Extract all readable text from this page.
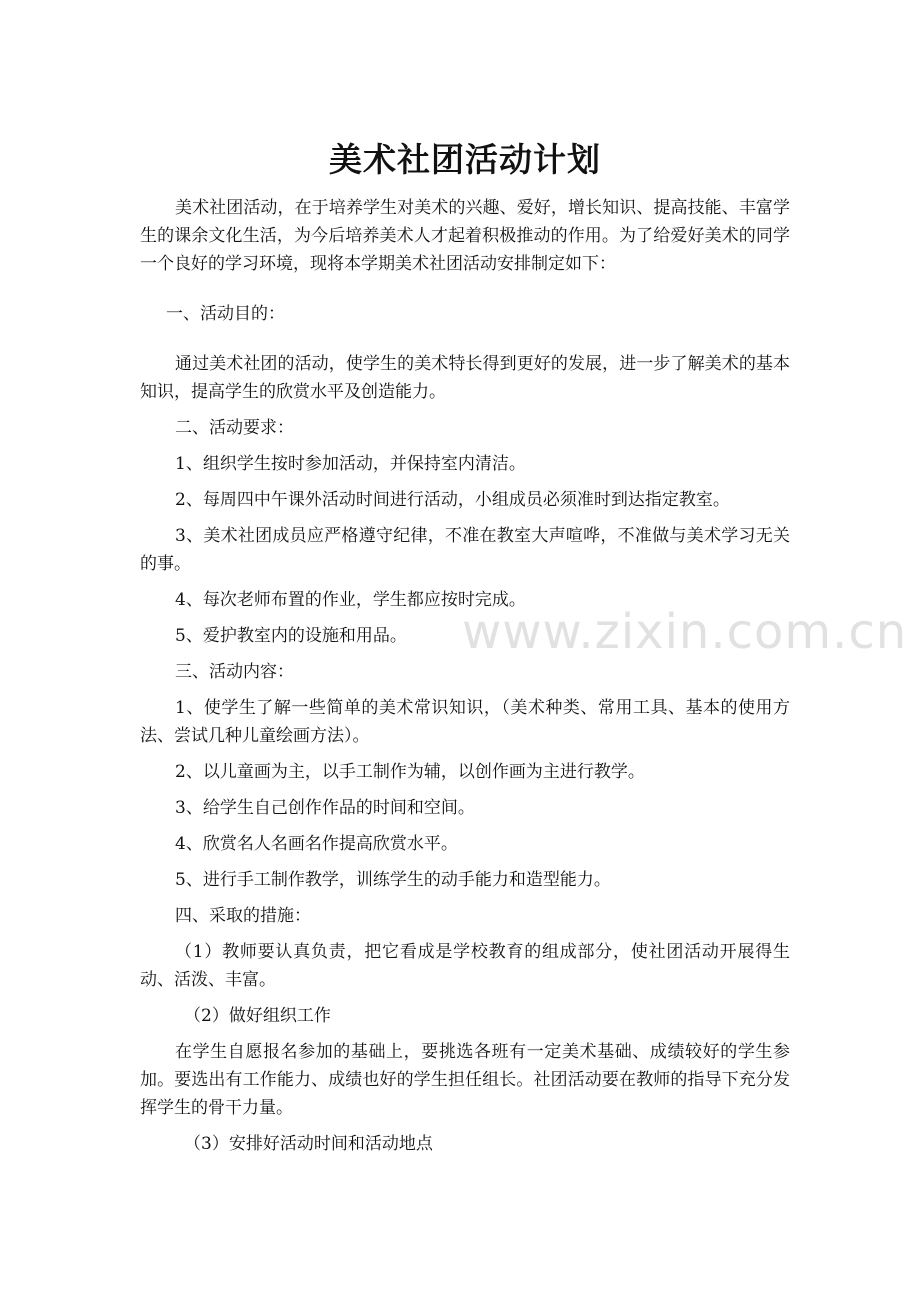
美术社团活动计划

美术社团活动，在于培养学生对美术的兴趣、爱好，增长知识、提高技能、丰富学生的课余文化生活，为今后培养美术人才起着积极推动的作用。为了给爱好美术的同学一个良好的学习环境，现将本学期美术社团活动安排制定如下：

一、活动目的：

通过美术社团的活动，使学生的美术特长得到更好的发展，进一步了解美术的基本知识，提高学生的欣赏水平及创造能力。

二、活动要求：

1、组织学生按时参加活动，并保持室内清洁。

2、每周四中午课外活动时间进行活动，小组成员必须准时到达指定教室。

3、美术社团成员应严格遵守纪律，不准在教室大声喧哗，不准做与美术学习无关的事。

4、每次老师布置的作业，学生都应按时完成。

5、爱护教室内的设施和用品。

三、活动内容：

1、使学生了解一些简单的美术常识知识，（美术种类、常用工具、基本的使用方法、尝试几种儿童绘画方法）。

2、以儿童画为主，以手工制作为辅，以创作画为主进行教学。

3、给学生自己创作作品的时间和空间。

4、欣赏名人名画名作提高欣赏水平。

5、进行手工制作教学，训练学生的动手能力和造型能力。

四、采取的措施：

（1）教师要认真负责，把它看成是学校教育的组成部分，使社团活动开展得生动、活泼、丰富。

（2）做好组织工作

在学生自愿报名参加的基础上，要挑选各班有一定美术基础、成绩较好的学生参加。要选出有工作能力、成绩也好的学生担任组长。社团活动要在教师的指导下充分发挥学生的骨干力量。

（3）安排好活动时间和活动地点

www.zixin.com.cn
